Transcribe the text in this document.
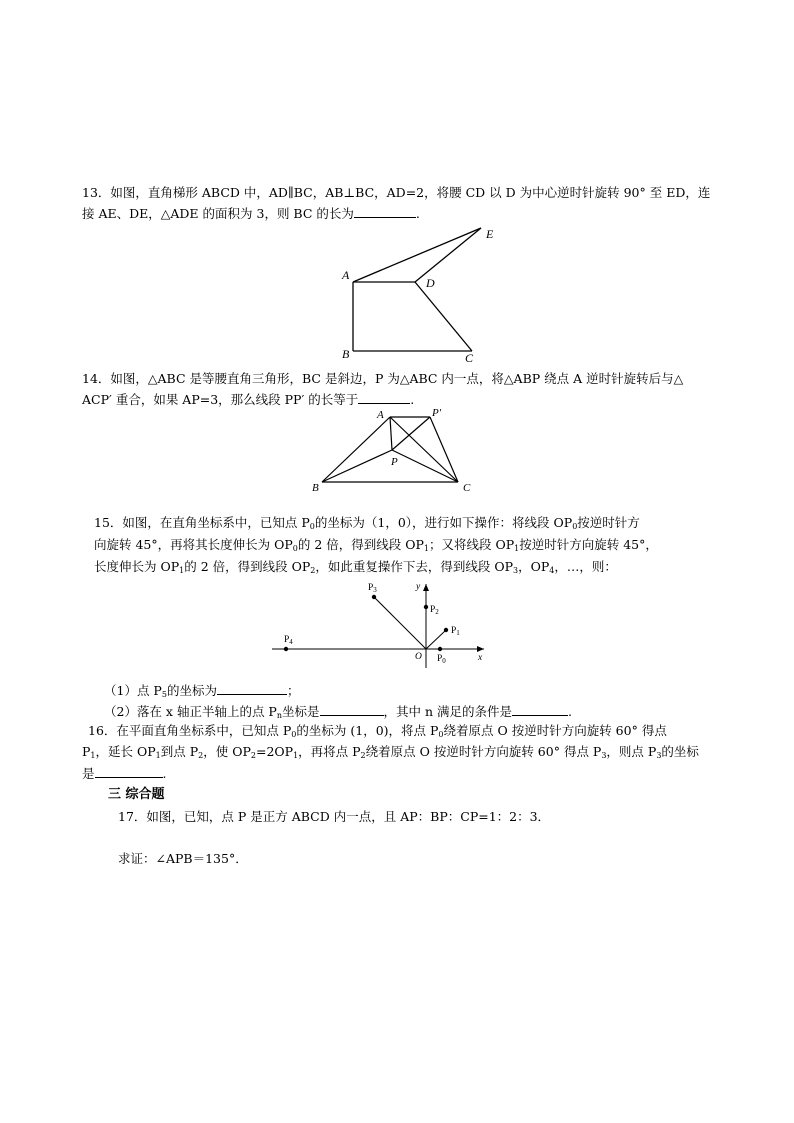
13．如图，直角梯形 ABCD 中，AD∥BC，AB⊥BC，AD=2，将腰 CD 以 D 为中心逆时针旋转 90° 至 ED，连
接 AE、DE，△ADE 的面积为 3，则 BC 的长为	.
A
B	C
D
E
14．如图，△ABC 是等腰直角三角形，BC 是斜边，P 为△ABC 内一点，将△ABP 绕点 A 逆时针旋转后与△
ACP′ 重合，如果 AP=3，那么线段 PP′ 的长等于	.
A	P′
P
B	C
15．如图，在直角坐标系中，已知点 $P_0$的坐标为（1，0），进行如下操作：将线段 $OP_0$按逆时针方
向旋转 45°，再将其长度伸长为 $OP_0$的 2 倍，得到线段 $OP_1$；又将线段 $OP_1$按逆时针方向旋转 45°，
长度伸长为 $OP_1$的 2 倍，得到线段 $OP_2$，如此重复操作下去，得到线段 $OP_3$，$OP_4$，…，则：
$P_3$
$P_2$
$P_1$
$P_4$
$P_0$
O	x
y
（1）点 $P_5$的坐标为	；
（2）落在 x 轴正半轴上的点 $P_n$坐标是	，其中 n 满足的条件是	.
16．在平面直角坐标系中，已知点 $P_0$的坐标为 (1，0)，将点 $P_0$绕着原点 O 按逆时针方向旋转 60° 得点
$P_1$，延长 $OP_1$到点 $P_2$，使 $OP_2=2OP_1$，再将点 $P_2$绕着原点 O 按逆时针方向旋转 60° 得点 $P_3$，则点 $P_3$的坐标
是	.
三 综合题
17．如图，已知，点 P 是正方 ABCD 内一点，且 AP：BP：CP=1：2：3．
求证：∠APB＝135°．
